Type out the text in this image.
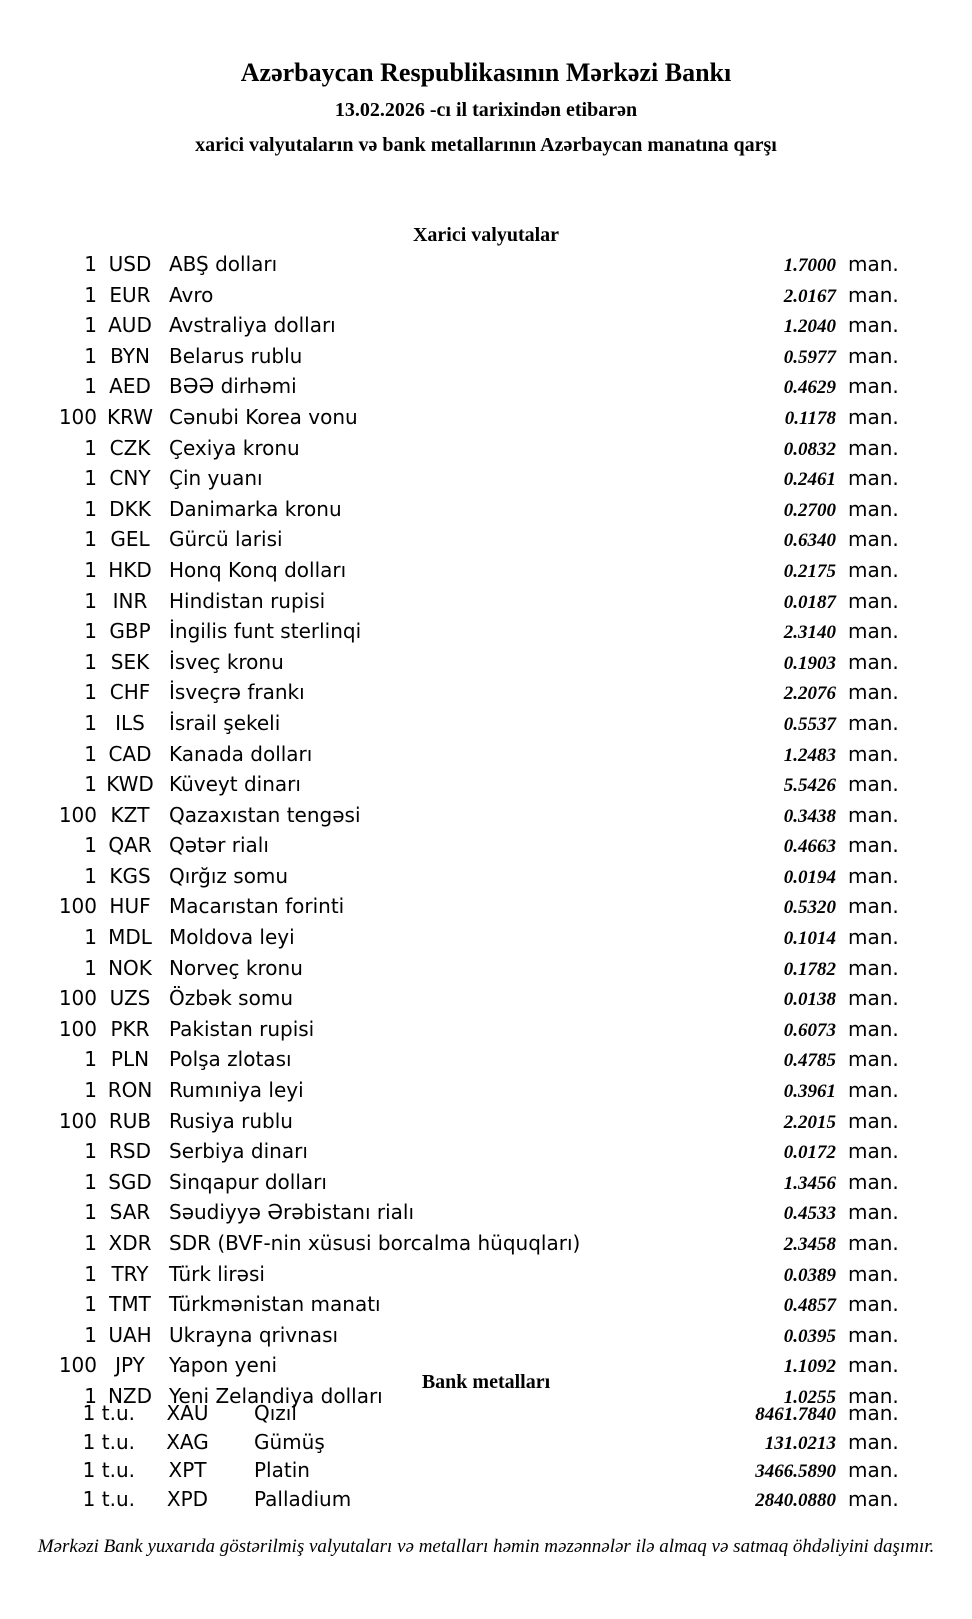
Azərbaycan Respublikasının Mərkəzi Bankı
13.02.2026 -cı il tarixindən etibarən
xarici valyutaların və bank metallarının Azərbaycan manatına qarşı
Xarici valyutalar
1 USD ABŞ dolları	1.7000 man.
1 EUR Avro	2.0167 man.
1 AUD Avstraliya dolları	1.2040 man.
1 BYN Belarus rublu	0.5977 man.
1 AED BƏƏ dirhəmi	0.4629 man.
100 KRW Cənubi Korea vonu	0.1178 man.
1 CZK Çexiya kronu	0.0832 man.
1 CNY Çin yuanı	0.2461 man.
1 DKK Danimarka kronu	0.2700 man.
1 GEL Gürcü larisi	0.6340 man.
1 HKD Honq Konq dolları	0.2175 man.
1 INR	Hindistan rupisi	0.0187 man.
1 GBP İngilis funt sterlinqi	2.3140 man.
1 SEK İsveç kronu	0.1903 man.
1 CHF İsveçrə frankı	2.2076 man.
1 ILS	İsrail şekeli	0.5537 man.
1 CAD Kanada dolları	1.2483 man.
1 KWD Küveyt dinarı	5.5426 man.
100 KZT Qazaxıstan tengəsi	0.3438 man.
1 QAR Qətər rialı	0.4663 man.
1 KGS Qırğız somu	0.0194 man.
100 HUF Macarıstan forinti	0.5320 man.
1 MDL Moldova leyi	0.1014 man.
1 NOK Norveç kronu	0.1782 man.
100 UZS Özbək somu	0.0138 man.
100 PKR Pakistan rupisi	0.6073 man.
1 PLN Polşa zlotası	0.4785 man.
1 RON Rumıniya leyi	0.3961 man.
100 RUB Rusiya rublu	2.2015 man.
1 RSD Serbiya dinarı	0.0172 man.
1 SGD Sinqapur dolları	1.3456 man.
1 SAR Səudiyyə Ərəbistanı rialı	0.4533 man.
1 XDR SDR (BVF-nin xüsusi borcalma hüquqları)	2.3458 man.
1 TRY	Türk lirəsi	0.0389 man.
1 TMT Türkmənistan manatı	0.4857 man.
1 UAH Ukrayna qrivnası	0.0395 man.
100 JPY	Yapon yeni	1.1092 man.
1 NZD Yeni Zelandiya dolları	1.0255 man.
Bank metalları
1 t.u.	XAU	Qızıl	8461.7840 man.
1 t.u.	XAG	Gümüş	131.0213 man.
1 t.u.	XPT	Platin	3466.5890 man.
1 t.u.	XPD	Palladium	2840.0880 man.
Mərkəzi Bank yuxarıda göstərilmiş valyutaları və metalları həmin məzənnələr ilə almaq və satmaq öhdəliyini daşımır.
